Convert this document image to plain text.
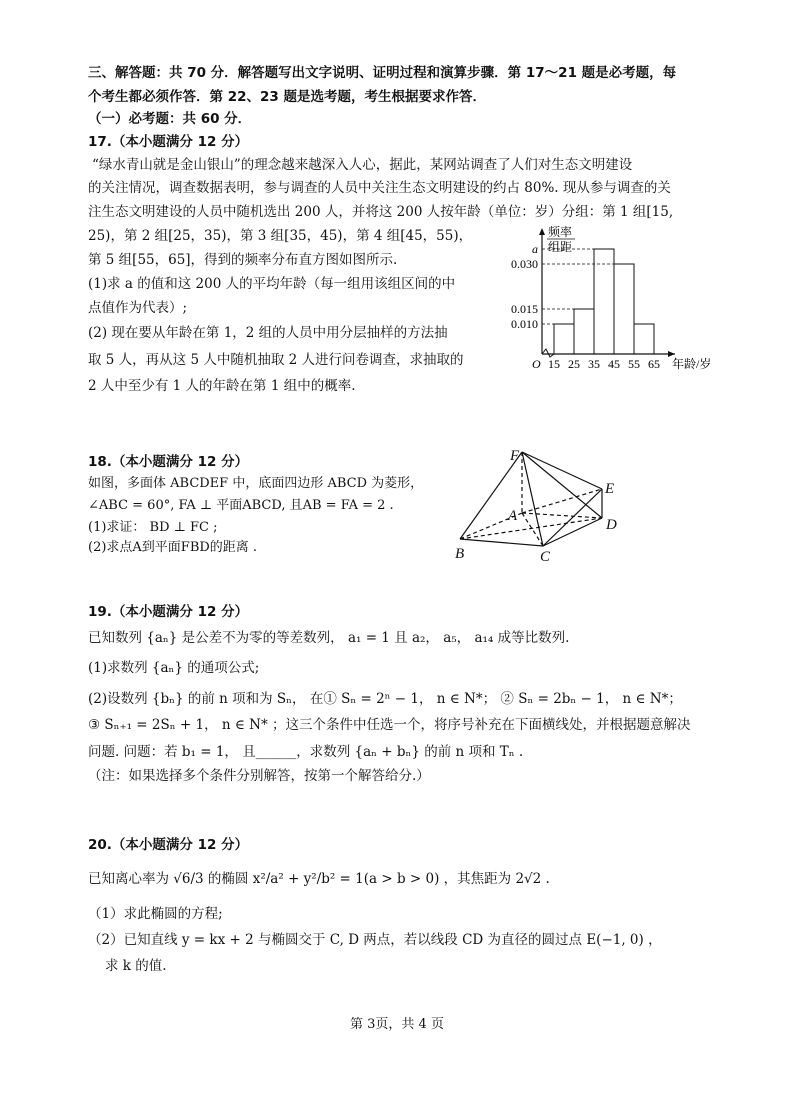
三、解答题：共 70 分．解答题写出文字说明、证明过程和演算步骤．第 17～21 题是必考题，每
个考生都必须作答．第 22、23 题是选考题，考生根据要求作答．
（一）必考题：共 60 分．
17.（本小题满分 12 分）
“绿水青山就是金山银山”的理念越来越深入人心，据此，某网站调查了人们对生态文明建设
的关注情况，调查数据表明，参与调查的人员中关注生态文明建设的约占 80%. 现从参与调查的关
注生态文明建设的人员中随机选出 200 人，并将这 200 人按年龄（单位：岁）分组：第 1 组[15,
25)，第 2 组[25，35)，第 3 组[35，45)，第 4 组[45，55)，
第 5 组[55，65]，得到的频率分布直方图如图所示.
(1)求 a 的值和这 200 人的平均年龄（每一组用该组区间的中
点值作为代表）;
(2) 现在要从年龄在第 1，2 组的人员中用分层抽样的方法抽
取 5 人，再从这 5 人中随机抽取 2 人进行问卷调查，求抽取的
2 人中至少有 1 人的年龄在第 1 组中的概率.
频率
组距
a
0.030
0.015
0.010
15 25 35 45 55 65
O	年龄/岁
18.（本小题满分 12 分）
如图，多面体 ABCDEF 中，底面四边形 ABCD 为菱形，
∠ABC = 60°, FA ⊥ 平面ABCD, 且AB = FA = 2 .
(1)求证： BD ⊥ FC ;
(2)求点A到平面FBD的距离 .
F
E
A
D
B	C
19.（本小题满分 12 分）
已知数列 {aₙ} 是公差不为零的等差数列， a₁ = 1 且 a₂， a₅， a₁₄ 成等比数列.
(1)求数列 {aₙ} 的通项公式;
(2)设数列 {bₙ} 的前 n 项和为 Sₙ， 在① Sₙ = 2ⁿ − 1， n ∈ N*； ② Sₙ = 2bₙ − 1， n ∈ N*；
③ Sₙ₊₁ = 2Sₙ + 1， n ∈ N* ；这三个条件中任选一个，将序号补充在下面横线处，并根据题意解决
问题. 问题：若 b₁ = 1， 且______，求数列 {aₙ + bₙ} 的前 n 项和 Tₙ .
（注：如果选择多个条件分别解答，按第一个解答给分.）
20.（本小题满分 12 分）
已知离心率为 √6/3 的椭圆 x²/a² + y²/b² = 1(a > b > 0) ，其焦距为 2√2 .
（1）求此椭圆的方程;
（2）已知直线 y = kx + 2 与椭圆交于 C, D 两点，若以线段 CD 为直径的圆过点 E(−1, 0) ，
求 k 的值.
第 3页，共 4 页
